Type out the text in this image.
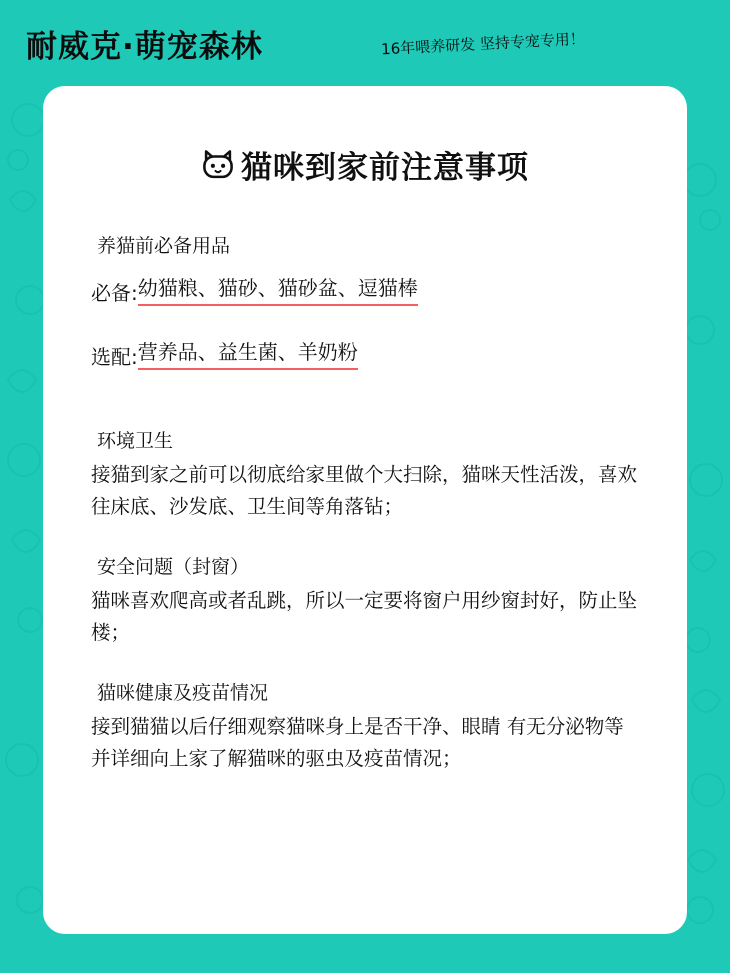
耐威克·萌宠森林	16年喂养研发 坚持专宠专用！
猫咪到家前注意事项
养猫前必备用品
必备: 幼猫粮、猫砂、猫砂盆、逗猫棒
选配: 营养品、益生菌、羊奶粉
环境卫生

接猫到家之前可以彻底给家里做个大扫除，猫咪天性活泼，喜欢往床底、沙发底、卫生间等角落钻；

安全问题（封窗）

猫咪喜欢爬高或者乱跳，所以一定要将窗户用纱窗封好，防止坠楼；

猫咪健康及疫苗情况

接到猫猫以后仔细观察猫咪身上是否干净、眼睛 有无分泌物等并详细向上家了解猫咪的驱虫及疫苗情况；
